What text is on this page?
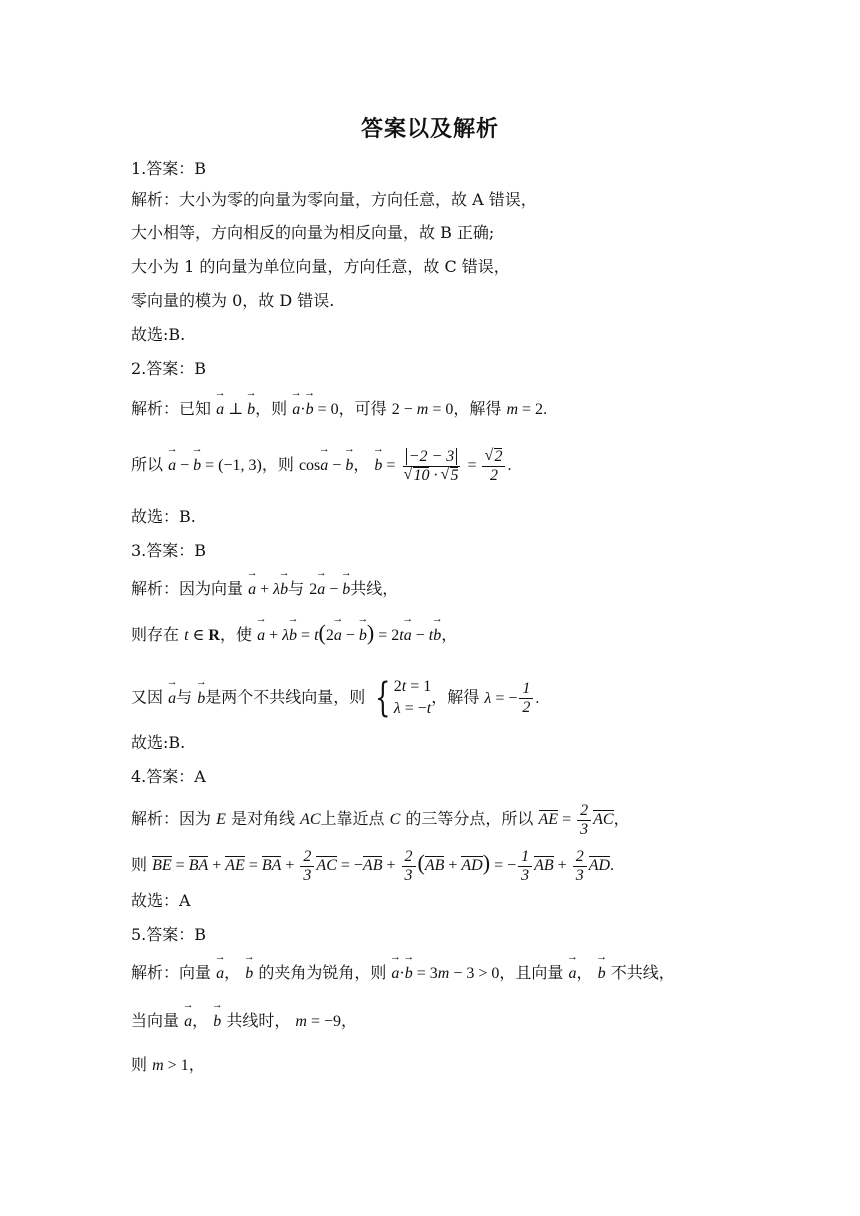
答案以及解析
1.答案：B
解析：大小为零的向量为零向量，方向任意，故 A 错误，
大小相等，方向相反的向量为相反向量，故 B 正确;
大小为 1 的向量为单位向量，方向任意，故 C 错误，
零向量的模为 0，故 D 错误.
故选:B.
2.答案：B
解析：已知 → a ⊥ → b，则 → a·→ b = 0，可得 2 − m = 0，解得 m = 2.
所以 → a − → b = (−1, 3)，则 cos→ a − → b， → b = −2 − 3
√ 10 · √ 5 = √ $\frac{2}{2}$ .
故选：B.
3.答案：B
解析：因为向量 → a + λ→ b与 2→ a − → b共线，
则存在 t ∈ R，使 → a + λ→ b = t(2→ a − → b) = 2t→ a − t→ b，
又因 → a与 → b是两个不共线向量，则 { 2t = 1
λ = −t
，解得 λ = − $\frac{1}{2}$ .
故选:B.
4.答案：A
解析：因为 E 是对角线 AC上靠近点 C 的三等分点，所以 AE = $\frac{2}{3}$ AC，
则 BE = BA + AE = BA + $\frac{2}{3}$ AC = $-AB + \frac{2}{3} (AB + AD)$ = − $\frac{1}{3}$ AB + $\frac{2}{3}$ AD.
故选：A
5.答案：B
解析：向量 → a， → b 的夹角为锐角，则 → a·→ b = 3m − 3 > 0，且向量 → a， → b 不共线，
当向量 → a， → b 共线时， m = −9，
则 m > 1，
